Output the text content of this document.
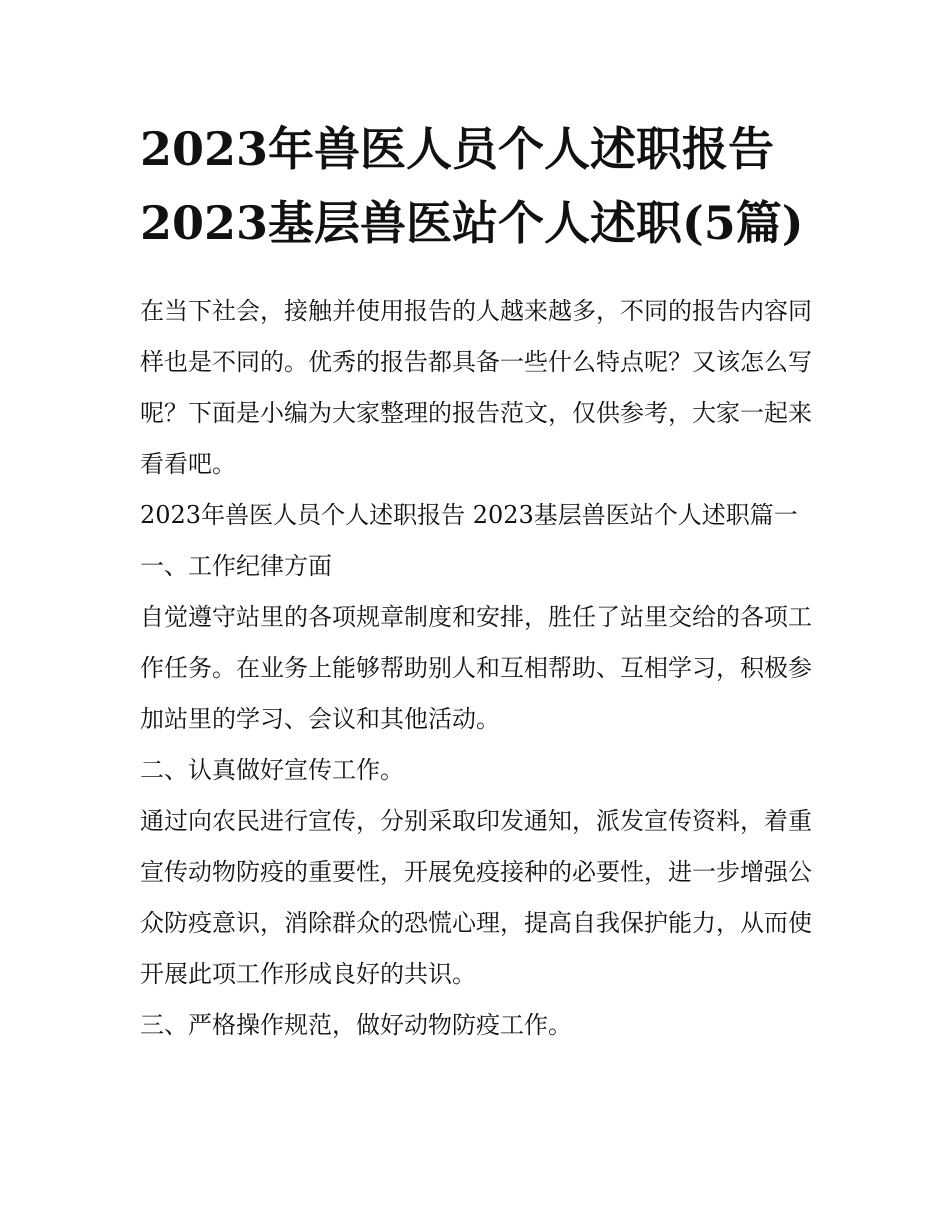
2023年兽医人员个人述职报告 2023基层兽医站个人述职(5篇)

在当下社会，接触并使用报告的人越来越多，不同的报告内容同样也是不同的。优秀的报告都具备一些什么特点呢？又该怎么写呢？下面是小编为大家整理的报告范文，仅供参考，大家一起来看看吧。

2023年兽医人员个人述职报告 2023基层兽医站个人述职篇一

一、工作纪律方面

自觉遵守站里的各项规章制度和安排，胜任了站里交给的各项工作任务。在业务上能够帮助别人和互相帮助、互相学习，积极参加站里的学习、会议和其他活动。

二、认真做好宣传工作。

通过向农民进行宣传，分别采取印发通知，派发宣传资料，着重宣传动物防疫的重要性，开展免疫接种的必要性，进一步增强公众防疫意识，消除群众的恐慌心理，提高自我保护能力，从而使开展此项工作形成良好的共识。

三、严格操作规范，做好动物防疫工作。
